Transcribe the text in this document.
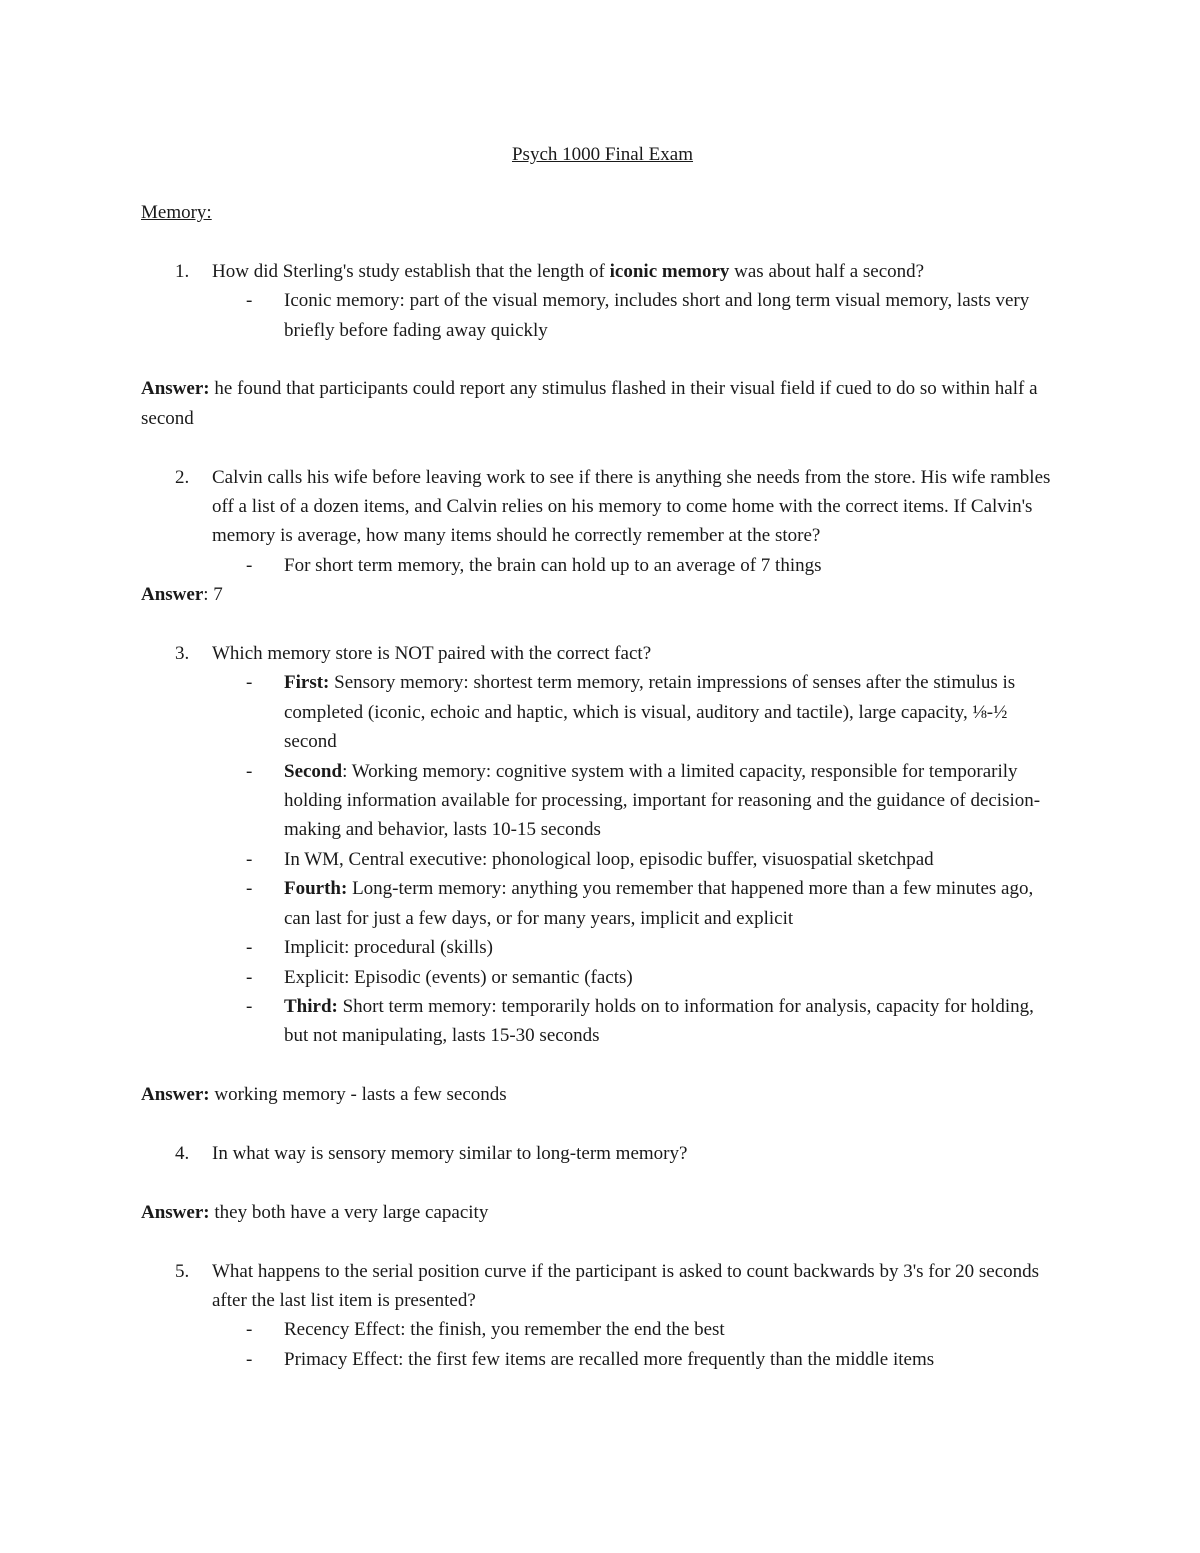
Psych 1000 Final Exam
Memory:
1. How did Sterling's study establish that the length of iconic memory was about half a second?
- Iconic memory: part of the visual memory, includes short and long term visual memory, lasts very briefly before fading away quickly
Answer: he found that participants could report any stimulus flashed in their visual field if cued to do so within half a second
2. Calvin calls his wife before leaving work to see if there is anything she needs from the store. His wife rambles off a list of a dozen items, and Calvin relies on his memory to come home with the correct items. If Calvin's memory is average, how many items should he correctly remember at the store?
- For short term memory, the brain can hold up to an average of 7 things
Answer: 7
3. Which memory store is NOT paired with the correct fact?
- First: Sensory memory: shortest term memory, retain impressions of senses after the stimulus is completed (iconic, echoic and haptic, which is visual, auditory and tactile), large capacity, ⅛-½ second
- Second: Working memory: cognitive system with a limited capacity, responsible for temporarily holding information available for processing, important for reasoning and the guidance of decision-making and behavior, lasts 10-15 seconds
- In WM, Central executive: phonological loop, episodic buffer, visuospatial sketchpad
- Fourth: Long-term memory: anything you remember that happened more than a few minutes ago, can last for just a few days, or for many years, implicit and explicit
- Implicit: procedural (skills)
- Explicit: Episodic (events) or semantic (facts)
- Third: Short term memory: temporarily holds on to information for analysis, capacity for holding, but not manipulating, lasts 15-30 seconds
Answer: working memory - lasts a few seconds
4. In what way is sensory memory similar to long-term memory?
Answer: they both have a very large capacity
5. What happens to the serial position curve if the participant is asked to count backwards by 3's for 20 seconds after the last list item is presented?
- Recency Effect: the finish, you remember the end the best
- Primacy Effect: the first few items are recalled more frequently than the middle items
